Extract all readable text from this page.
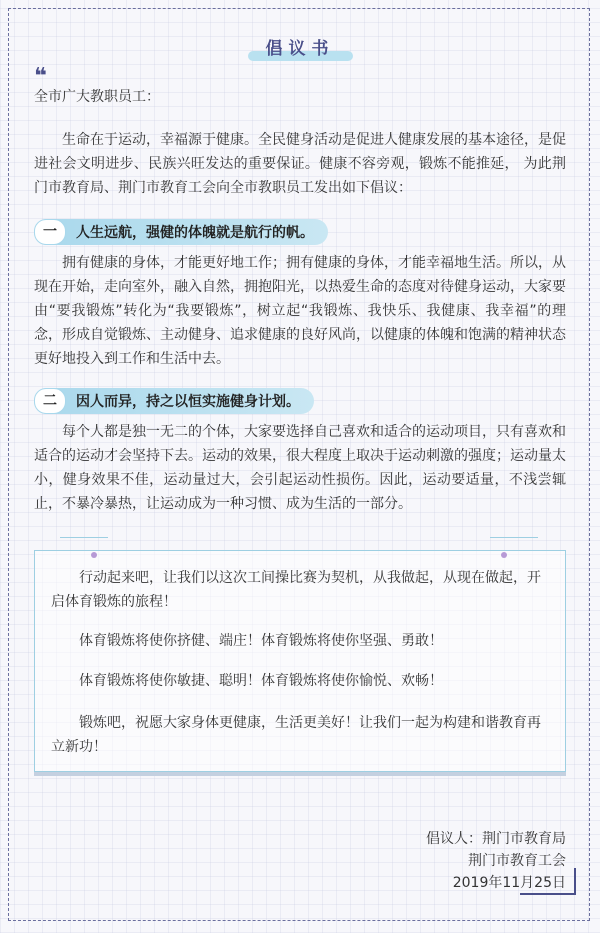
倡议书
❝
全市广大教职员工：

生命在于运动，幸福源于健康。全民健身活动是促进人健康发展的基本途径，是促进社会文明进步、民族兴旺发达的重要保证。健康不容旁观，锻炼不能推延， 为此荆门市教育局、荆门市教育工会向全市教职员工发出如下倡议：

一	人生远航，强健的体魄就是航行的帆。

拥有健康的身体，才能更好地工作；拥有健康的身体，才能幸福地生活。所以，从现在开始，走向室外，融入自然，拥抱阳光，以热爱生命的态度对待健身运动，大家要由“要我锻炼”转化为“我要锻炼”，树立起“我锻炼、我快乐、我健康、我幸福”的理念，形成自觉锻炼、主动健身、追求健康的良好风尚，以健康的体魄和饱满的精神状态更好地投入到工作和生活中去。

二	因人而异，持之以恒实施健身计划。

每个人都是独一无二的个体，大家要选择自己喜欢和适合的运动项目，只有喜欢和适合的运动才会坚持下去。运动的效果，很大程度上取决于运动刺激的强度；运动量太小，健身效果不佳，运动量过大，会引起运动性损伤。因此，运动要适量，不浅尝辄止，不暴冷暴热，让运动成为一种习惯、成为生活的一部分。

行动起来吧，让我们以这次工间操比赛为契机，从我做起，从现在做起，开启体育锻炼的旅程！

体育锻炼将使你挤健、端庄！体育锻炼将使你坚强、勇敢！

体育锻炼将使你敏捷、聪明！体育锻炼将使你愉悦、欢畅！

锻炼吧，祝愿大家身体更健康，生活更美好！让我们一起为构建和谐教育再立新功！

倡议人：荆门市教育局
荆门市教育工会
2019年11月25日
